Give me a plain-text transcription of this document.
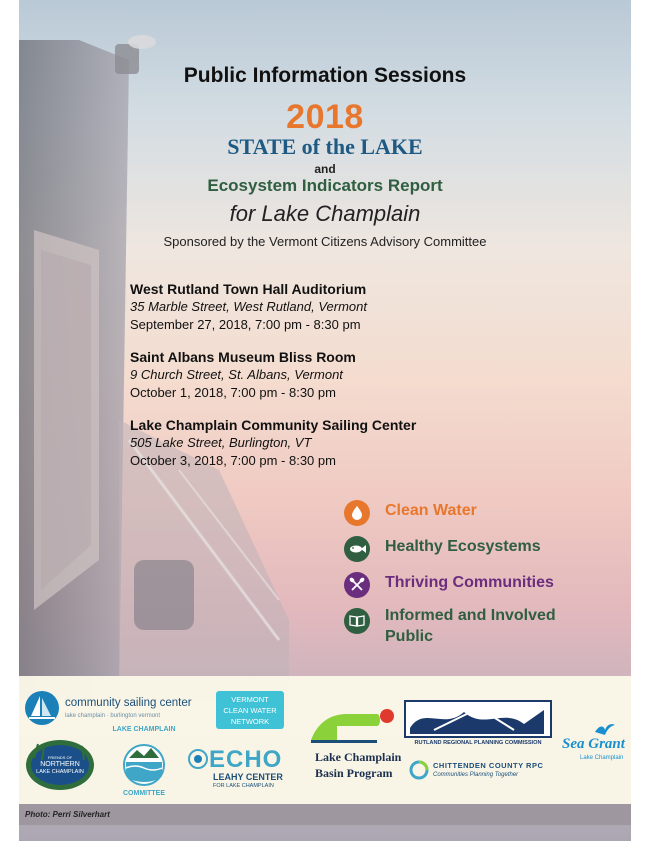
Public Information Sessions
2018
STATE of the LAKE
and
Ecosystem Indicators Report
for Lake Champlain
Sponsored by the Vermont Citizens Advisory Committee
West Rutland Town Hall Auditorium
35 Marble Street, West Rutland, Vermont
September 27, 2018, 7:00 pm - 8:30 pm
Saint Albans Museum Bliss Room
9 Church Street, St. Albans, Vermont
October 1, 2018, 7:00 pm - 8:30 pm
Lake Champlain Community Sailing Center
505 Lake Street, Burlington, VT
October 3, 2018, 7:00 pm - 8:30 pm
Clean Water
Healthy Ecosystems
Thriving Communities
Informed and Involved Public
community sailing center
lake champlain · burlington vermont
VERMONT
CLEAN WATER
NETWORK
Lake Champlain
Basin Program
RUTLAND REGIONAL PLANNING COMMISSION	Sea Grant
Lake Champlain
FRIENDS OF
NORTHERN
LAKE CHAMPLAIN
LAKE CHAMPLAIN
COMMITTEE
ECHO
LEAHY CENTER
FOR LAKE CHAMPLAIN
CHITTENDEN COUNTY RPC
Communities Planning Together
Photo: Perri Silverhart
